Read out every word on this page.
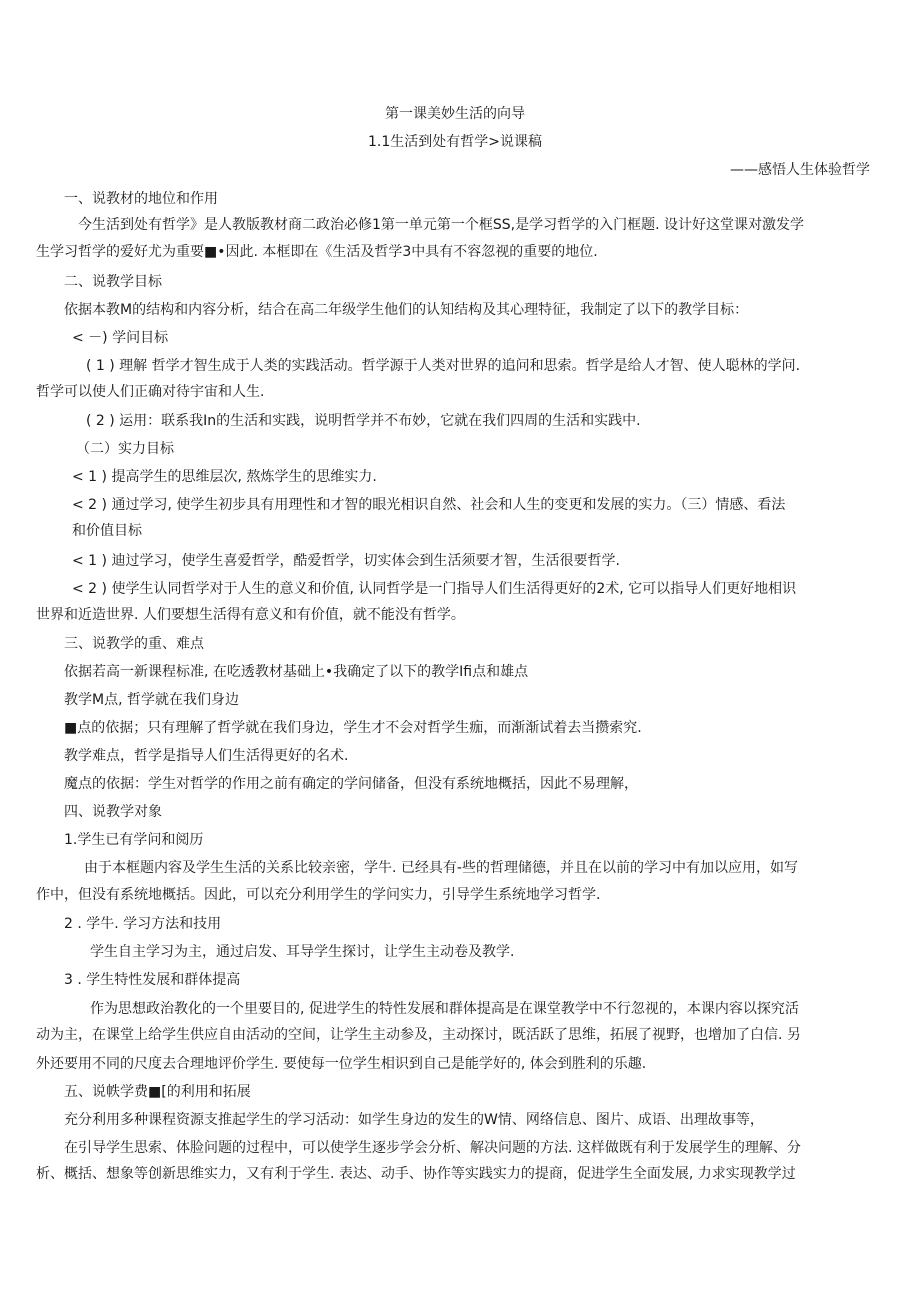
第一课美妙生活的向导
1.1生活到处有哲学>说课稿
——感悟人生体验哲学
一、说教材的地位和作用
今生活到处有哲学》是人教版教材商二政治必修1第一单元第一个框SS,是学习哲学的入门框题. 设计好这堂课对激发学
生学习哲学的爱好尤为重要■•因此. 本框即在《生活及哲学3中具有不容忽视的重要的地位.
二、说教学目标
依据本教M的结构和内容分析，结合在高二年级学生他们的认知结构及其心理特征，我制定了以下的教学目标：
< －) 学问目标
( 1 ) 理解 哲学才智生成于人类的实践活动。哲学源于人类对世界的追问和思索。哲学是给人才智、使人聪林的学问.
哲学可以使人们正确对待宇宙和人生.
( 2 ) 运用：联系我In的生活和实践，说明哲学并不布妙，它就在我们四周的生活和实践中.
（二）实力目标
< 1 ) 提高学生的思维层次, 熬炼学生的思维实力.
< 2 ) 通过学习, 使学生初步具有用理性和才智的眼光相识自然、社会和人生的变更和发展的实力。（三）情感、看法
和价值目标
< 1 ) 迪过学习，使学生喜爱哲学，酷爱哲学，切实体会到生活须要才智，生活很要哲学.
< 2 ) 使学生认同哲学对于人生的意义和价值, 认同哲学是一门指导人们生活得更好的2术, 它可以指导人们更好地相识
世界和近造世界. 人们要想生活得有意义和有价值，就不能没有哲学。
三、说教学的重、难点
依据若高一新课程标准, 在吃透教材基础上•我确定了以下的教学Ifi点和雄点
教学M点, 哲学就在我们身边
■点的依据；只有理解了哲学就在我们身边，学生才不会对哲学生痂，而渐渐试着去当攒索究.
教学难点，哲学是指导人们生活得更好的名术.
魔点的依据：学生对哲学的作用之前有确定的学问储备，但没有系统地概括，因此不易理解，
四、说教学对象
1.学生已有学问和阅历
由于本框题内容及学生生活的关系比较亲密，学牛. 已经具有-些的哲理储德，并且在以前的学习中有加以应用，如写
作中，但没有系统地概括。因此，可以充分利用学生的学问实力，引导学生系统地学习哲学.
2 . 学牛. 学习方法和技用
学生自主学习为主，通过启发、耳导学生探讨，让学生主动卷及教学.
3 . 学生特性发展和群体提高
作为思想政治教化的一个里要目的, 促进学生的特性发展和群体提高是在课堂教学中不行忽视的，本课内容以探究活
动为主，在课堂上给学生供应自由活动的空间，让学生主动参及，主动探讨，既活跃了思维，拓展了视野，也增加了白信. 另
外还要用不同的尺度去合理地评价学生. 要使每一位学生相识到自己是能学好的, 体会到胜利的乐趣.
五、说帙学费■[的利用和拓展
充分利用多种课程资源支推起学生的学习活动：如学生身边的发生的W情、网络信息、图片、成语、出理故事等，
在引导学生思索、体脸问题的过程中，可以使学生逐步学会分析、解决问题的方法. 这样做既有利于发展学生的理解、分
析、概括、想象等创新思维实力，又有利于学生. 表达、动手、协作等实践实力的提商，促进学生全面发展, 力求实现教学过
